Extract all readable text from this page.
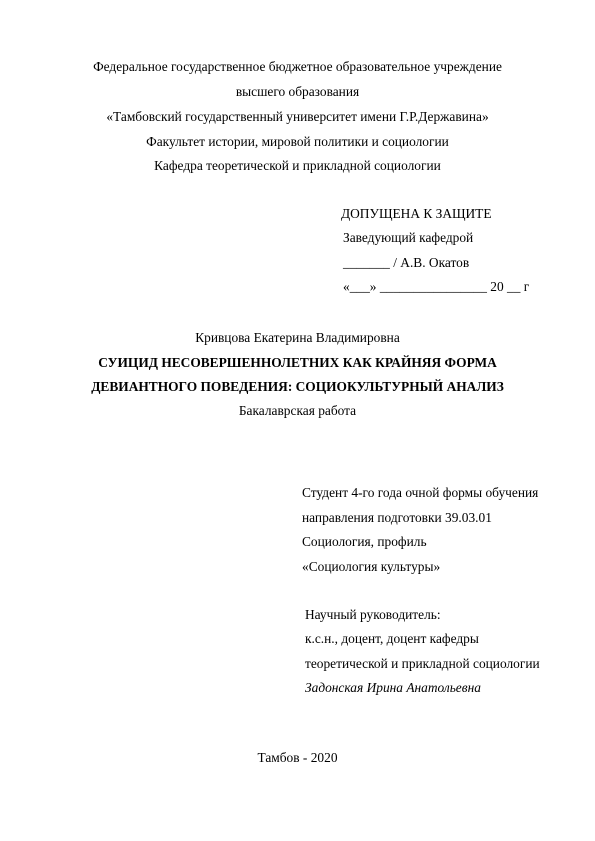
Федеральное государственное бюджетное образовательное учреждение
высшего образования
«Тамбовский государственный университет имени Г.Р.Державина»
Факультет истории, мировой политики и социологии
Кафедра теоретической и прикладной социологии
ДОПУЩЕНА К ЗАЩИТЕ
Заведующий кафедрой
_______ / А.В. Окатов
«___» ________________ 20 __ г
Кривцова Екатерина Владимировна
СУИЦИД НЕСОВЕРШЕННОЛЕТНИХ КАК КРАЙНЯЯ ФОРМА
ДЕВИАНТНОГО ПОВЕДЕНИЯ: СОЦИОКУЛЬТУРНЫЙ АНАЛИЗ
Бакалаврская работа
Студент 4-го года очной формы обучения
направления подготовки 39.03.01
Социология, профиль
«Социология культуры»
Научный руководитель:
к.с.н., доцент, доцент кафедры
теоретической и прикладной социологии
Задонская Ирина Анатольевна
Тамбов - 2020
